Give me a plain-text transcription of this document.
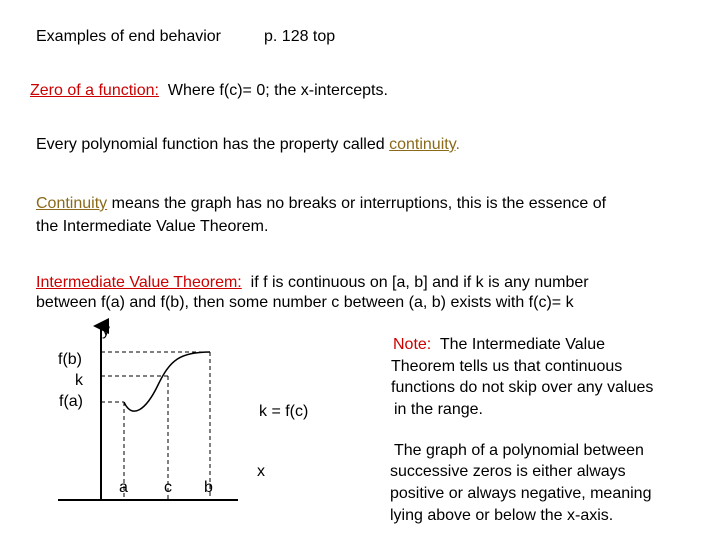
Examples of end behavior	p. 128 top
Zero of a function: Where f(c)= 0; the x-intercepts.
Every polynomial function has the property called continuity.
Continuity means the graph has no breaks or interruptions, this is the essence of
the Intermediate Value Theorem.
Intermediate Value Theorem: if f is continuous on [a, b] and if k is any number
between f(a) and f(b), then some number c between (a, b) exists with f(c)= k
y
f(b)
k
f(a)
a c b
x
k = f(c)
Note: The Intermediate Value
Theorem tells us that continuous
functions do not skip over any values
in the range.
The graph of a polynomial between
successive zeros is either always
positive or always negative, meaning
lying above or below the x-axis.
